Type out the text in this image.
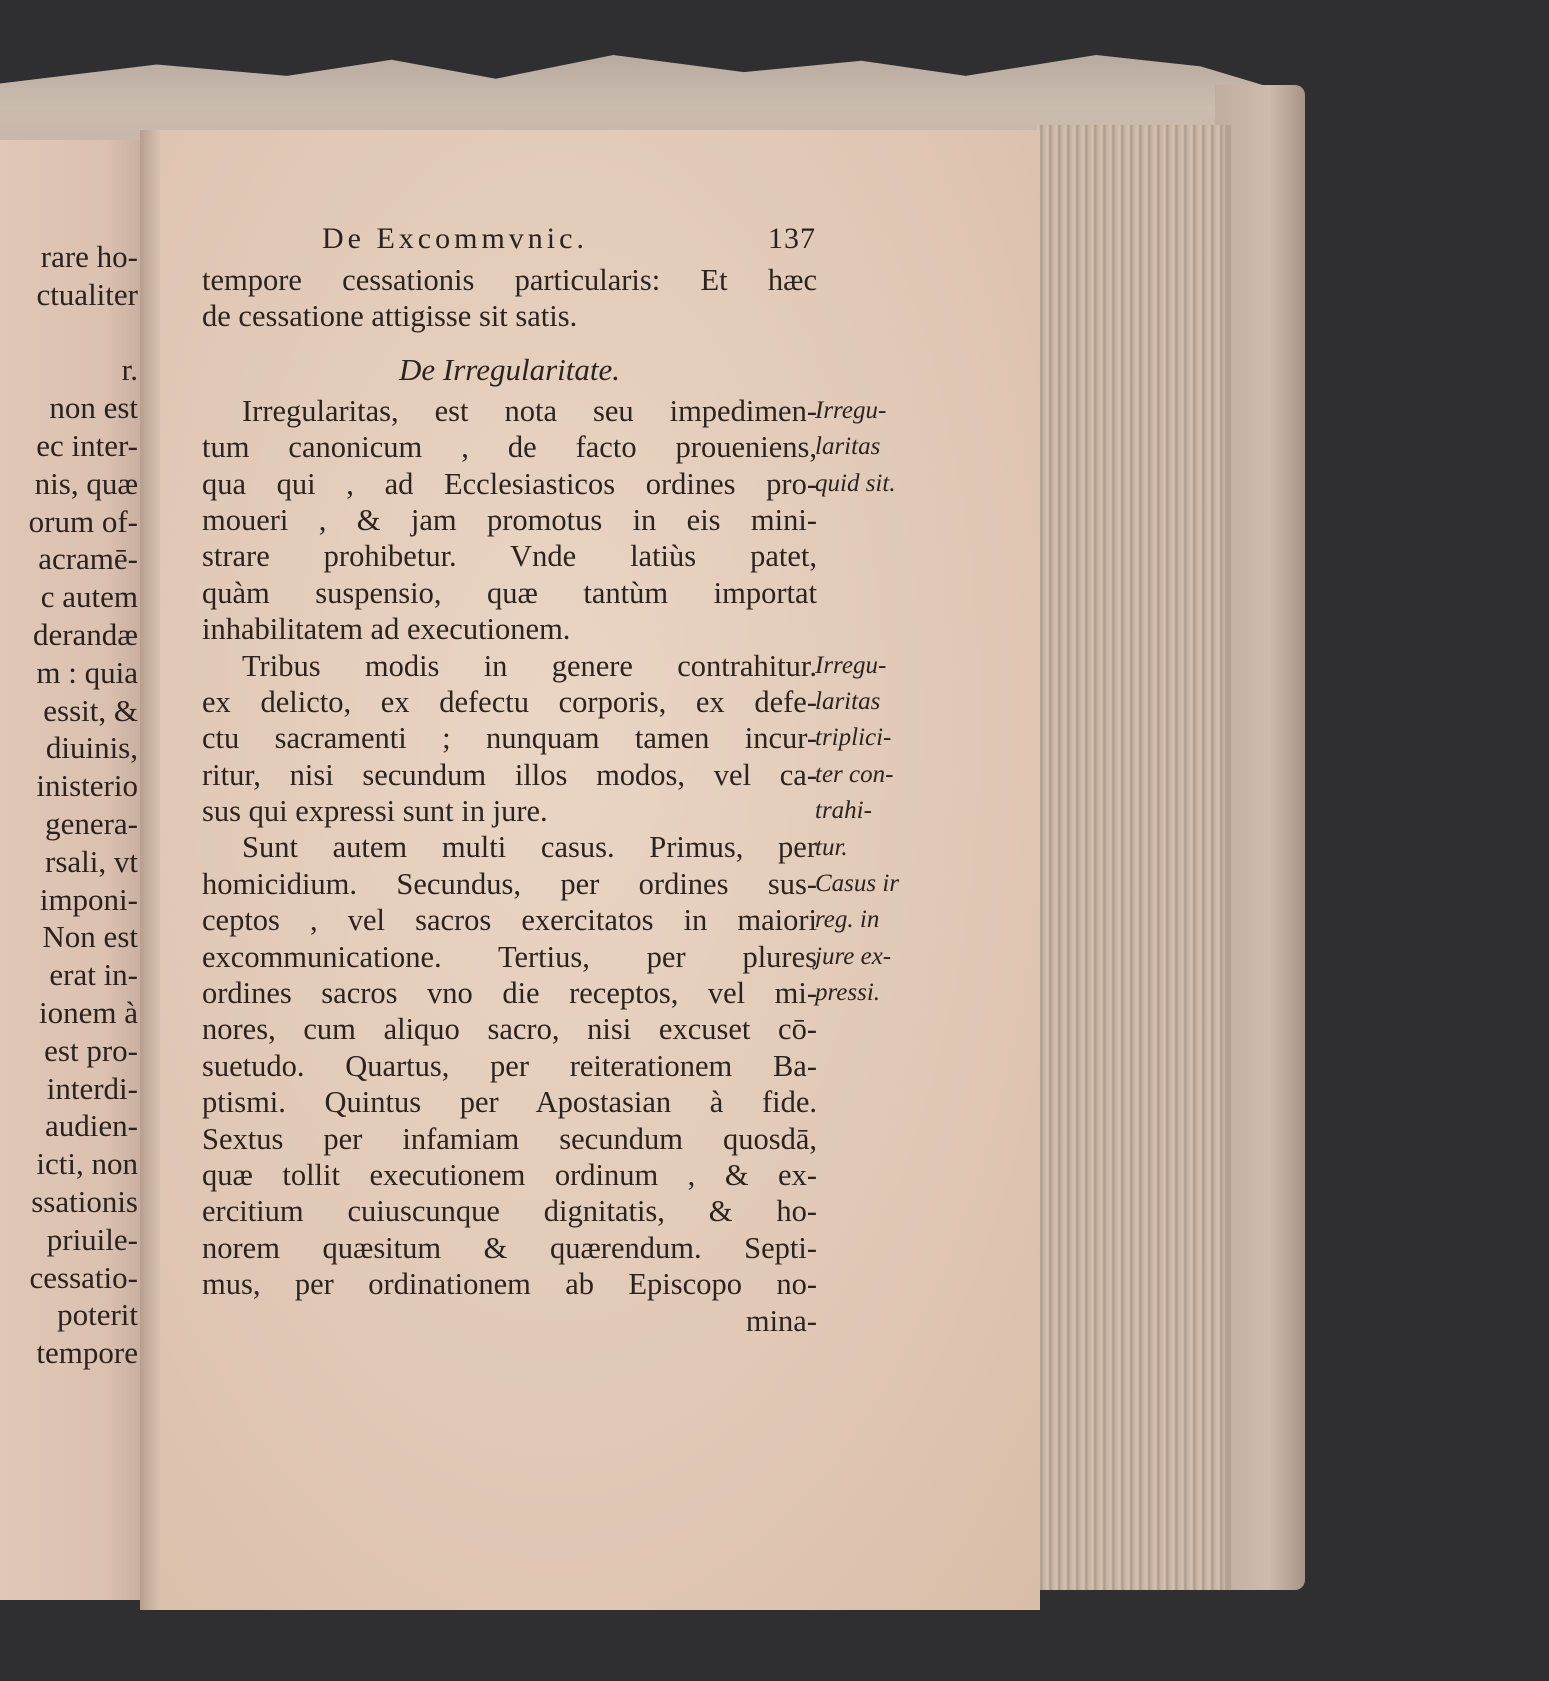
rare ho-
ctualiter

r.
non est
ec inter-
nis, quæ
orum of-
acramē-
c autem
derandæ
m : quia
essit, &
diuinis,
inisterio
genera-
rsali, vt
imponi-
Non est
erat in-
ionem à
est pro-
interdi-
audien-
icti, non
ssationis
priuile-
cessatio-
poterit
tempore
De Excommvnic.	137
tempore cessationis particularis: Et hæc
de cessatione attigisse sit satis.
De Irregularitate.
Irregularitas, est nota seu impedimen-
tum canonicum , de facto proueniens,
qua qui , ad Ecclesiasticos ordines pro-
moueri , & jam promotus in eis mini-
strare prohibetur. Vnde latiùs patet,
quàm suspensio, quæ tantùm importat
inhabilitatem ad executionem.
Tribus modis in genere contrahitur.
ex delicto, ex defectu corporis, ex defe-
ctu sacramenti ; nunquam tamen incur-
ritur, nisi secundum illos modos, vel ca-
sus qui expressi sunt in jure.
Sunt autem multi casus. Primus, per
homicidium. Secundus, per ordines sus-
ceptos , vel sacros exercitatos in maiori
excommunicatione. Tertius, per plures
ordines sacros vno die receptos, vel mi-
nores, cum aliquo sacro, nisi excuset cō-
suetudo. Quartus, per reiterationem Ba-
ptismi. Quintus per Apostasian à fide.
Sextus per infamiam secundum quosdā,
quæ tollit executionem ordinum , & ex-
ercitium cuiuscunque dignitatis, & ho-
norem quæsitum & quærendum. Septi-
mus, per ordinationem ab Episcopo no-
mina-
Irregu-
laritas
quid sit.
Irregu-
laritas
triplici-
ter con-
trahi-
tur.
Casus ir
reg. in
jure ex-
pressi.
